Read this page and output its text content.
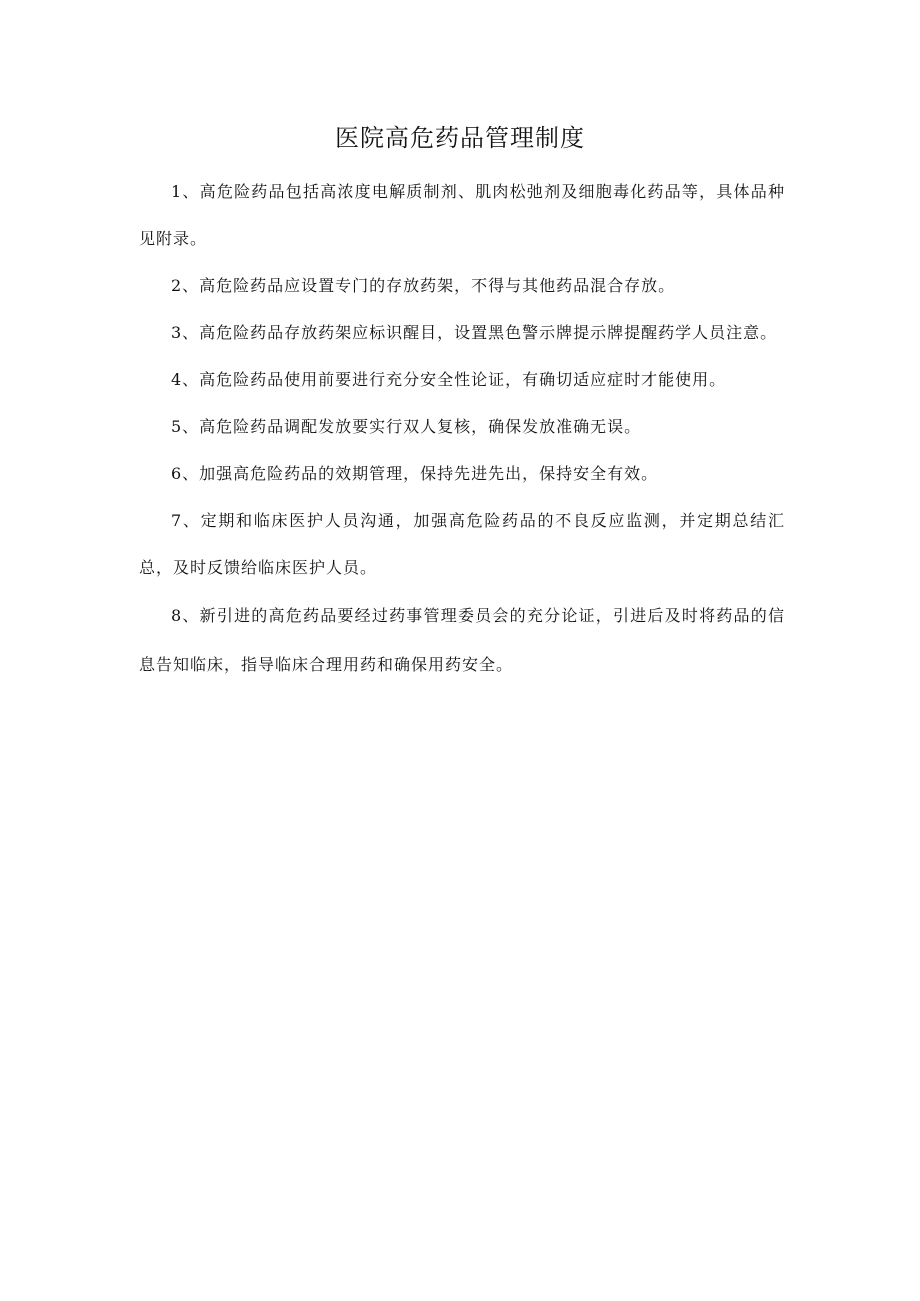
医院高危药品管理制度

1、高危险药品包括高浓度电解质制剂、肌肉松弛剂及细胞毒化药品等，具体品种见附录。

2、高危险药品应设置专门的存放药架，不得与其他药品混合存放。

3、高危险药品存放药架应标识醒目，设置黑色警示牌提示牌提醒药学人员注意。

4、高危险药品使用前要进行充分安全性论证，有确切适应症时才能使用。

5、高危险药品调配发放要实行双人复核，确保发放准确无误。

6、加强高危险药品的效期管理，保持先进先出，保持安全有效。

7、定期和临床医护人员沟通，加强高危险药品的不良反应监测，并定期总结汇总，及时反馈给临床医护人员。

8、新引进的高危药品要经过药事管理委员会的充分论证，引进后及时将药品的信息告知临床，指导临床合理用药和确保用药安全。
